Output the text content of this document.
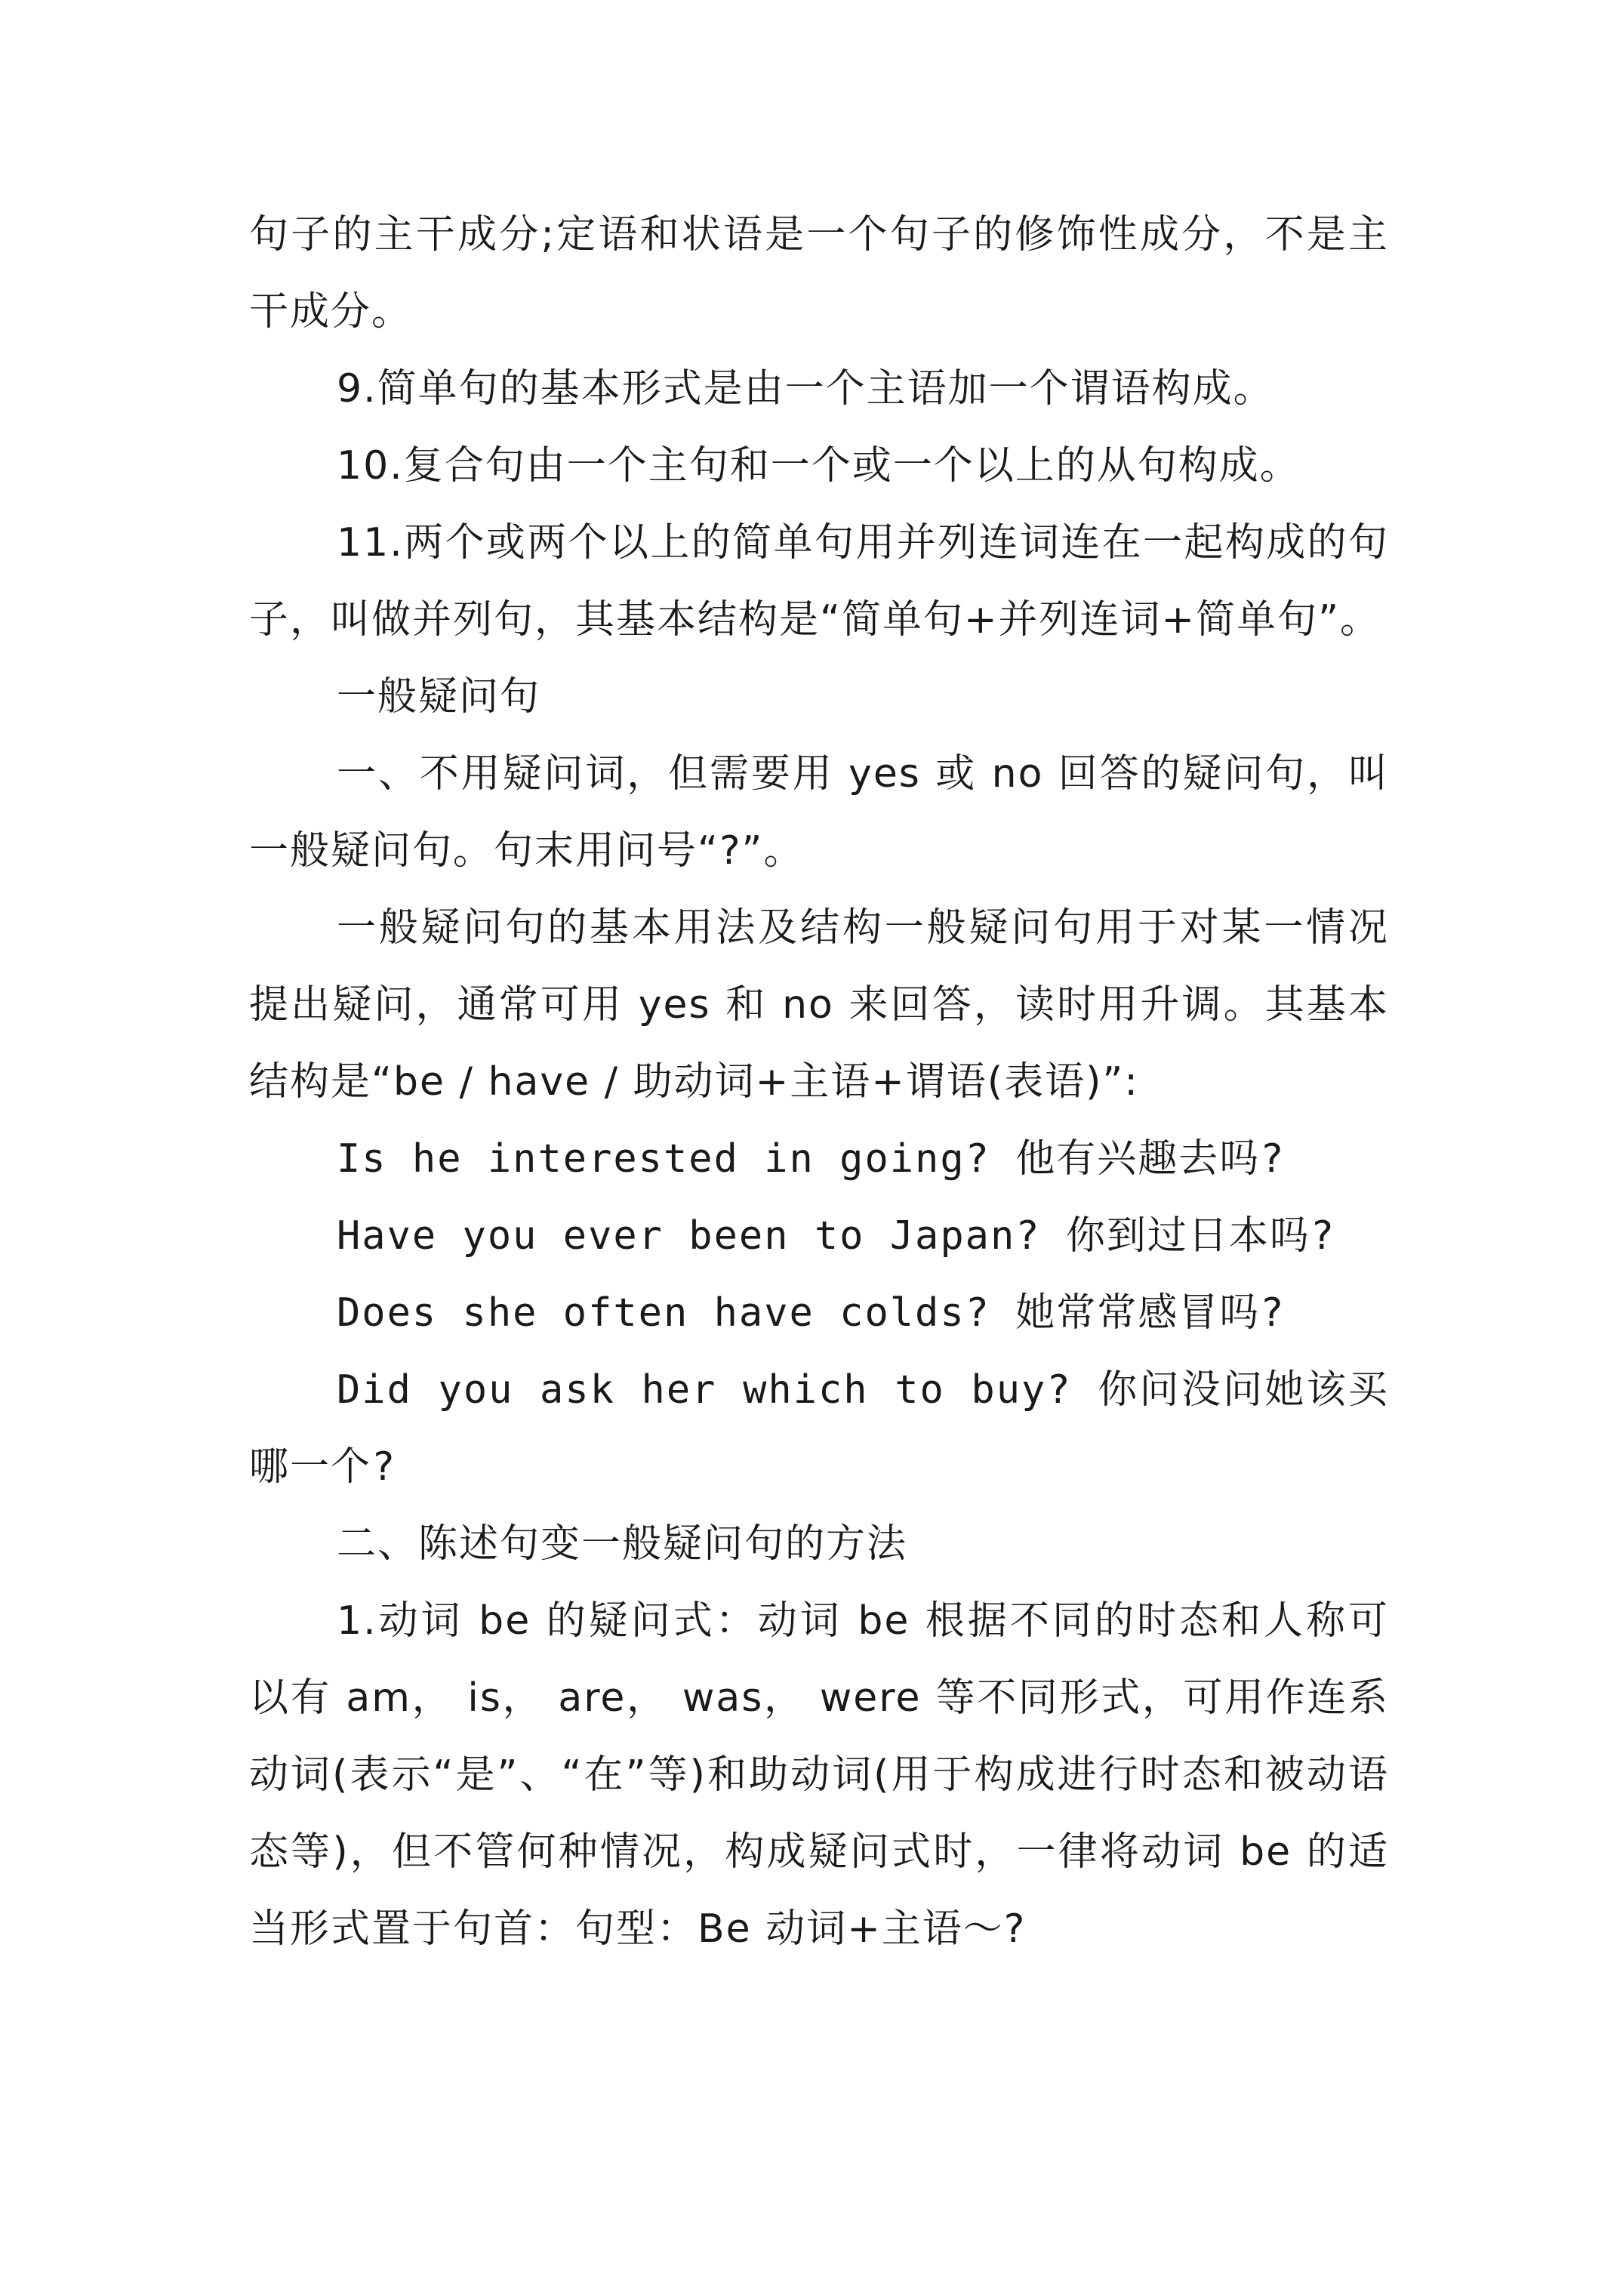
句子的主干成分;定语和状语是一个句子的修饰性成分，不是主干成分。

9.简单句的基本形式是由一个主语加一个谓语构成。

10.复合句由一个主句和一个或一个以上的从句构成。

11.两个或两个以上的简单句用并列连词连在一起构成的句子，叫做并列句，其基本结构是“简单句+并列连词+简单句”。

一般疑问句

一、不用疑问词，但需要用 yes 或 no 回答的疑问句，叫一般疑问句。句末用问号“?”。

一般疑问句的基本用法及结构一般疑问句用于对某一情况提出疑问，通常可用 yes 和 no 来回答，读时用升调。其基本结构是“be / have / 助动词+主语+谓语(表语)”:

Is he interested in going? 他有兴趣去吗?

Have you ever been to Japan? 你到过日本吗?

Does she often have colds? 她常常感冒吗?

Did you ask her which to buy? 你问没问她该买哪一个?

二、陈述句变一般疑问句的方法

1.动词 be 的疑问式：动词 be 根据不同的时态和人称可以有 am， is， are， was， were 等不同形式，可用作连系动词(表示“是”、“在”等)和助动词(用于构成进行时态和被动语态等)，但不管何种情况，构成疑问式时，一律将动词 be 的适当形式置于句首：句型：Be 动词+主语～?
